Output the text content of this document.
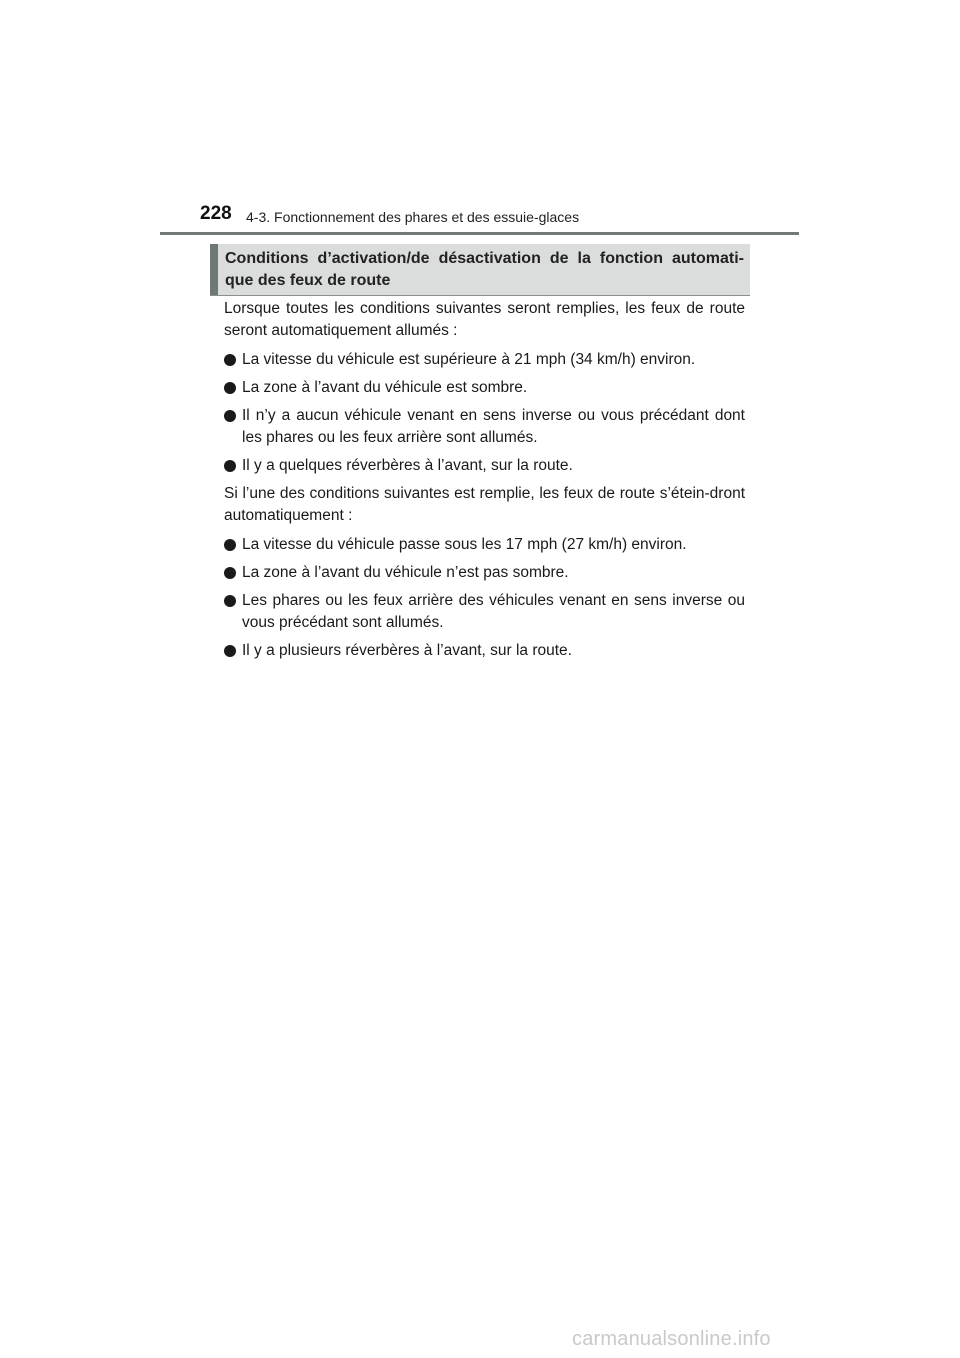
228 4-3. Fonctionnement des phares et des essuie-glaces
Conditions d’activation/de désactivation de la fonction automati-que des feux de route

Lorsque toutes les conditions suivantes seront remplies, les feux de route seront automatiquement allumés :

La vitesse du véhicule est supérieure à 21 mph (34 km/h) environ.
La zone à l’avant du véhicule est sombre.
Il n’y a aucun véhicule venant en sens inverse ou vous précédant dont les phares ou les feux arrière sont allumés.
Il y a quelques réverbères à l’avant, sur la route.

Si l’une des conditions suivantes est remplie, les feux de route s’étein-dront automatiquement :

La vitesse du véhicule passe sous les 17 mph (27 km/h) environ.
La zone à l’avant du véhicule n’est pas sombre.
Les phares ou les feux arrière des véhicules venant en sens inverse ou vous précédant sont allumés.
Il y a plusieurs réverbères à l’avant, sur la route.
carmanualsonline.info
